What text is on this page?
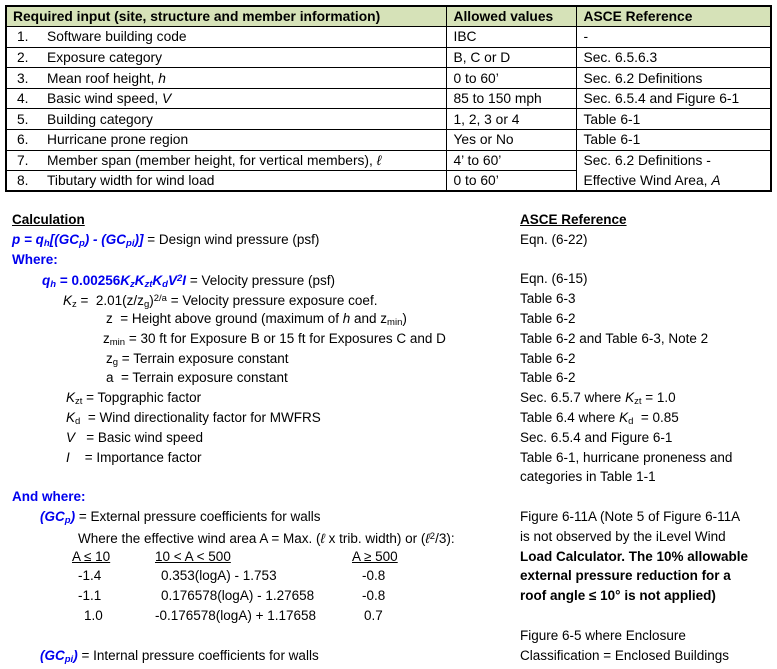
Required input (site, structure and member information)	Allowed values	ASCE Reference
1. Software building code	IBC	-
2. Exposure category	B, C or D	Sec. 6.5.6.3
3. Mean roof height, h	0 to 60’	Sec. 6.2 Definitions
4. Basic wind speed, V	85 to 150 mph	Sec. 6.5.4 and Figure 6-1
5. Building category	1, 2, 3 or 4	Table 6-1
6. Hurricane prone region	Yes or No	Table 6-1
7. Member span (member height, for vertical members), ℓ	4’ to 60’	Sec. 6.2 Definitions -
Effective Wind Area, A

8. Tibutary width for wind load	0 to 60’	
Calculation	ASCE Reference
p = qh[(GCp) - (GCpi)] = Design wind pressure (psf)	Eqn. (6-22)
Where:
qh = 0.00256KzKztKdV$^2$I = Velocity pressure (psf)	Eqn. (6-15)
$Kz = 2.01(z/zg)^{2/a}$ = Velocity pressure exposure coef.	Table 6-3
z  = Height above ground (maximum of h and zmin)	Table 6-2
zmin = 30 ft for Exposure B or 15 ft for Exposures C and D	Table 6-2 and Table 6-3, Note 2
zg = Terrain exposure constant	Table 6-2
a  = Terrain exposure constant	Table 6-2
Kzt = Topgraphic factor	Sec. 6.5.7 where Kzt = 1.0
Kd  = Wind directionality factor for MWFRS	Table 6.4 where Kd  = 0.85
V   = Basic wind speed	Sec. 6.5.4 and Figure 6-1
I    = Importance factor	Table 6-1, hurricane proneness and
categories in Table 1-1
And where:
(GCp) = External pressure coefficients for walls	Figure 6-11A (Note 5 of Figure 6-11A
Where the effective wind area A = Max. (ℓ x trib. width) or (ℓ$^2$/3):	is not observed by the iLevel Wind
A ≤ 10	10 < A < 500	A ≥ 500	Load Calculator. The 10% allowable
-1.4	0.353(logA) - 1.753	-0.8	external pressure reduction for a
-1.1	0.176578(logA) - 1.27658	-0.8	roof angle ≤ 10° is not applied)
1.0	-0.176578(logA) + 1.17658	0.7
Figure 6-5 where Enclosure
(GCpi) = Internal pressure coefficients for walls	Classification = Enclosed Buildings
